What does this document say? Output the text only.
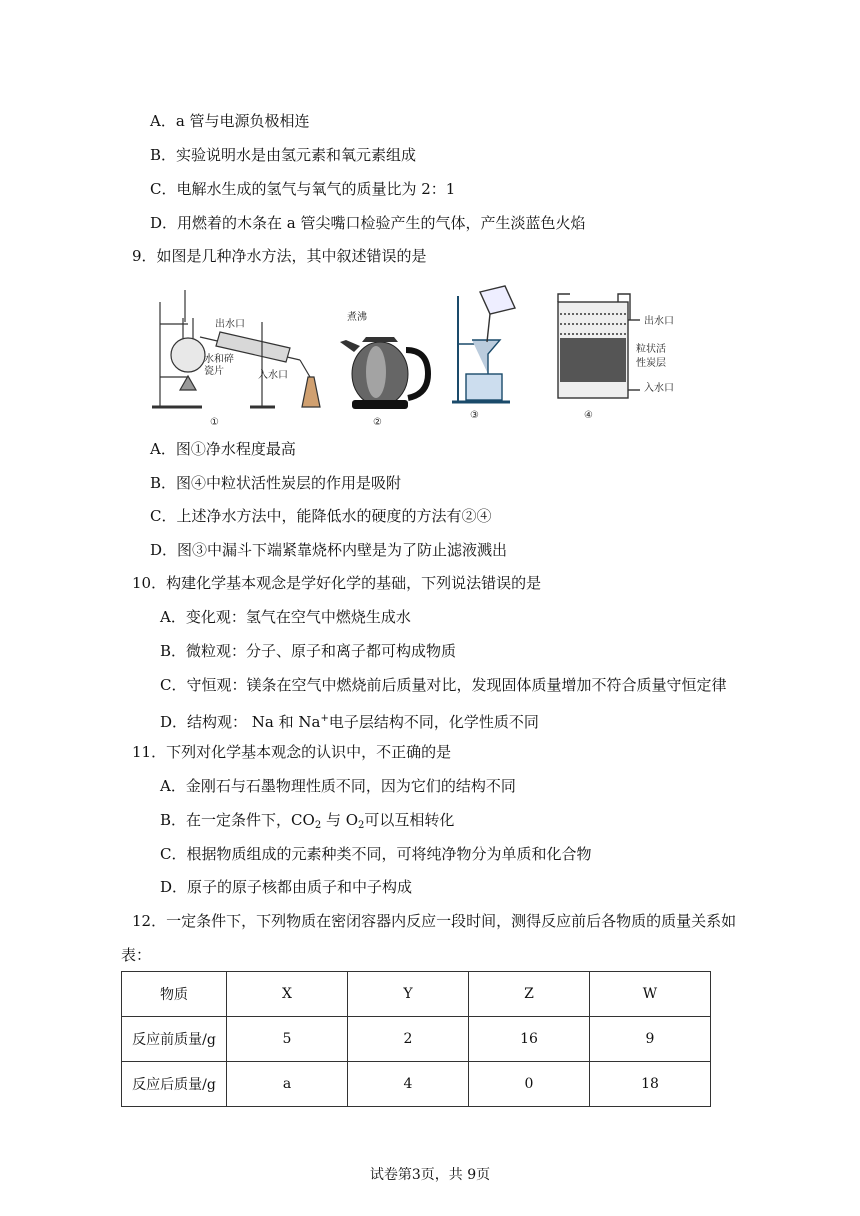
A．a 管与电源负极相连
B．实验说明水是由氢元素和氧元素组成
C．电解水生成的氢气与氧气的质量比为 2：1
D．用燃着的木条在 a 管尖嘴口检验产生的气体，产生淡蓝色火焰
9．如图是几种净水方法，其中叙述错误的是
出水口
水和碎
瓷片	入水口
①
煮沸
②
③
出水口
粒状活
性炭层
入水口
④
A．图①净水程度最高
B．图④中粒状活性炭层的作用是吸附
C．上述净水方法中，能降低水的硬度的方法有②④
D．图③中漏斗下端紧靠烧杯内壁是为了防止滤液溅出
10．构建化学基本观念是学好化学的基础，下列说法错误的是
A．变化观：氢气在空气中燃烧生成水
B．微粒观：分子、原子和离子都可构成物质
C．守恒观：镁条在空气中燃烧前后质量对比，发现固体质量增加不符合质量守恒定律
D．结构观： Na 和 Na+电子层结构不同，化学性质不同
11．下列对化学基本观念的认识中，不正确的是
A．金刚石与石墨物理性质不同，因为它们的结构不同
B．在一定条件下，$CO_2$ 与 $O_2$可以互相转化
C．根据物质组成的元素种类不同，可将纯净物分为单质和化合物
D．原子的原子核都由质子和中子构成
12．一定条件下，下列物质在密闭容器内反应一段时间，测得反应前后各物质的质量关系如
表：
物质	X	Y	Z	W
反应前质量/g	5	2	16	9
反应后质量/g	a	4	0	18
试卷第3页，共 9页
